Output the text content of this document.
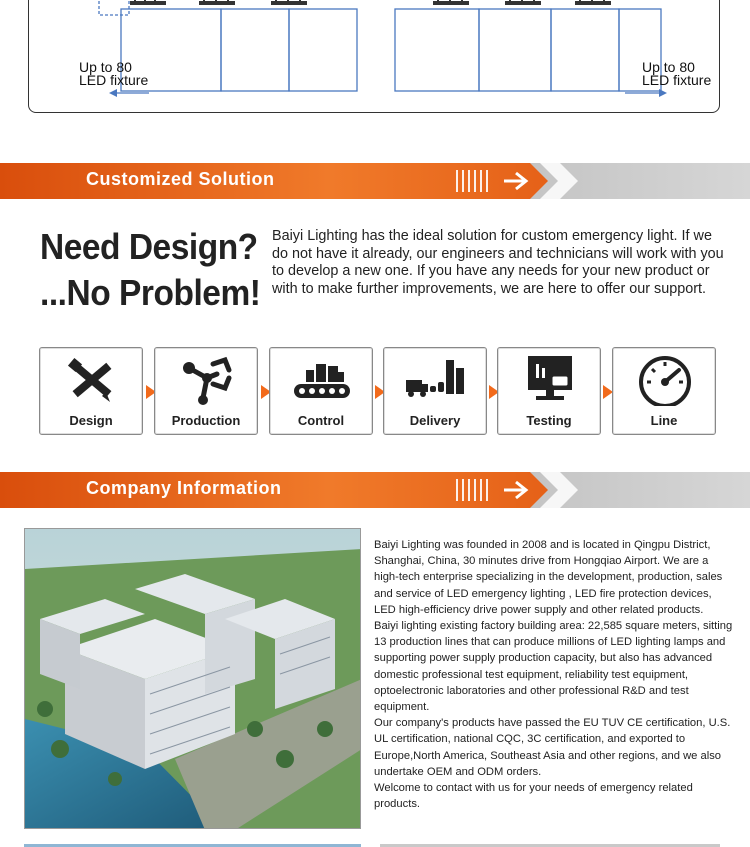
Up to 80
LED fixture
Up to 80
LED fixture
Customized Solution
Need Design?
...No Problem!
Baiyi Lighting has the ideal solution for custom emergency light. If we do not have it already, our engineers and technicians will work with you to develop a new one. If you have any needs for your new product or with to make further improvements, we are here to offer our support.
Design	Production	Control	Delivery	Testing	Line
Company Information

Baiyi Lighting was founded in 2008 and is located in Qingpu District, Shanghai, China, 30 minutes drive from Hongqiao Airport. We are a high-tech enterprise specializing in the development, production, sales and service of LED emergency lighting , LED fire protection devices, LED high-efficiency drive power supply and other related products.

Baiyi lighting existing factory building area: 22,585 square meters, sitting 13 production lines that can produce millions of LED lighting lamps and supporting power supply production capacity, but also has advanced domestic professional test equipment, reliability test equipment, optoelectronic laboratories and other professional R&D and test equipment.

Our company's products have passed the EU TUV CE certification, U.S. UL certification, national CQC, 3C certification, and exported to Europe,North America, Southeast Asia and other regions, and we also undertake OEM and ODM orders.

Welcome to contact with us for your needs of emergency related products.
